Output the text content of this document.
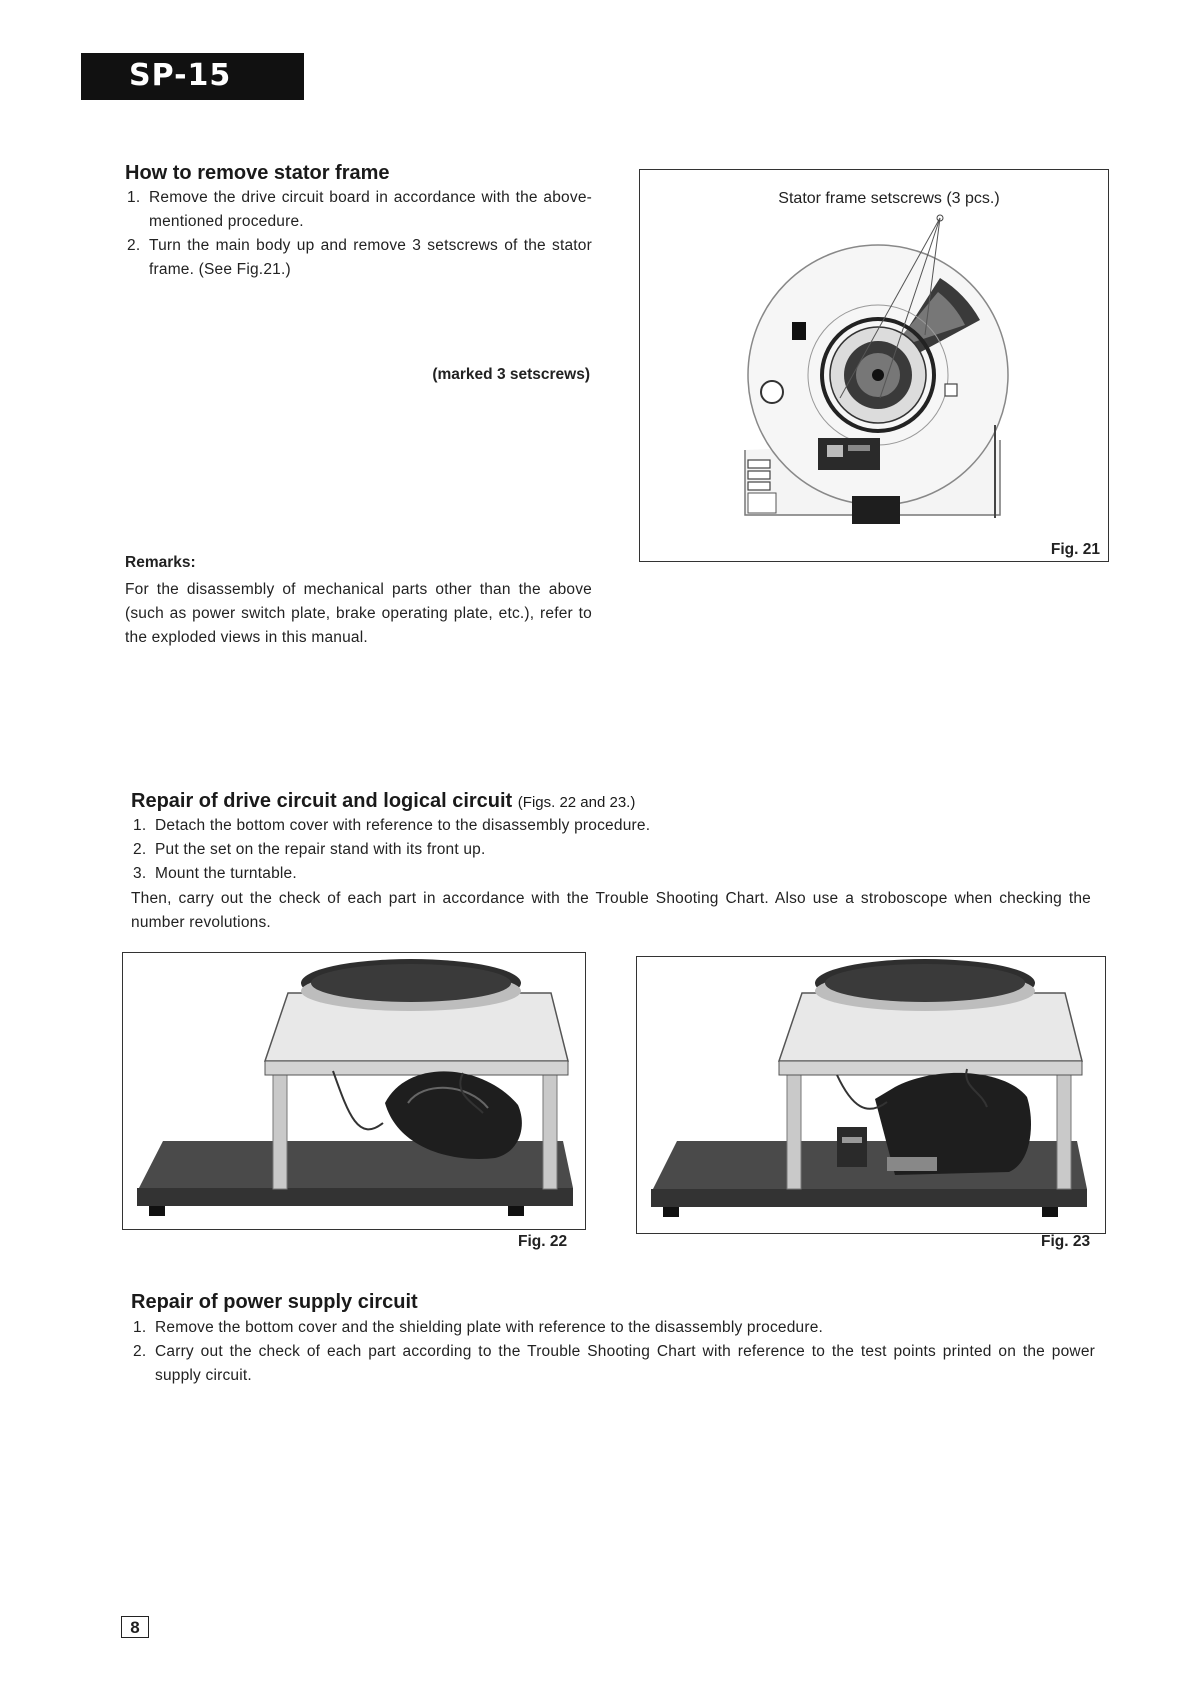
SP-15
How to remove stator frame
1. Remove the drive circuit board in accordance with the above-mentioned procedure.
2. Turn the main body up and remove 3 setscrews of the stator frame. (See Fig.21.)
(marked 3 setscrews)
Remarks:
For the disassembly of mechanical parts other than the above (such as power switch plate, brake operating plate, etc.), refer to the exploded views in this manual.
Stator frame setscrews (3 pcs.)
Fig. 21
Repair of drive circuit and logical circuit (Figs. 22 and 23.)
1. Detach the bottom cover with reference to the disassembly procedure.
2. Put the set on the repair stand with its front up.
3. Mount the turntable.
Then, carry out the check of each part in accordance with the Trouble Shooting Chart. Also use a stroboscope when checking the number revolutions.
Fig. 22	Fig. 23
Repair of power supply circuit
1. Remove the bottom cover and the shielding plate with reference to the disassembly procedure.
2. Carry out the check of each part according to the Trouble Shooting Chart with reference to the test points printed on the power supply circuit.
8
